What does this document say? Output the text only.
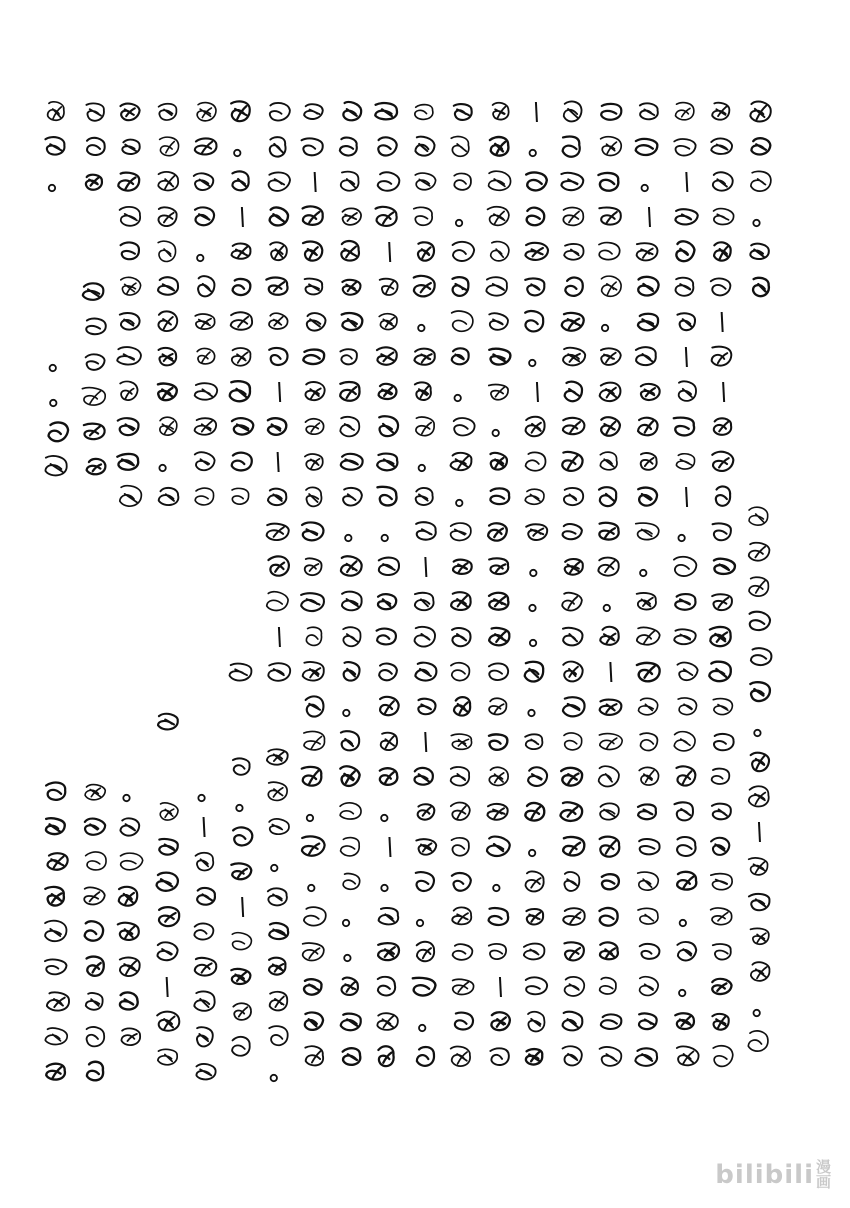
bilibili 漫画
